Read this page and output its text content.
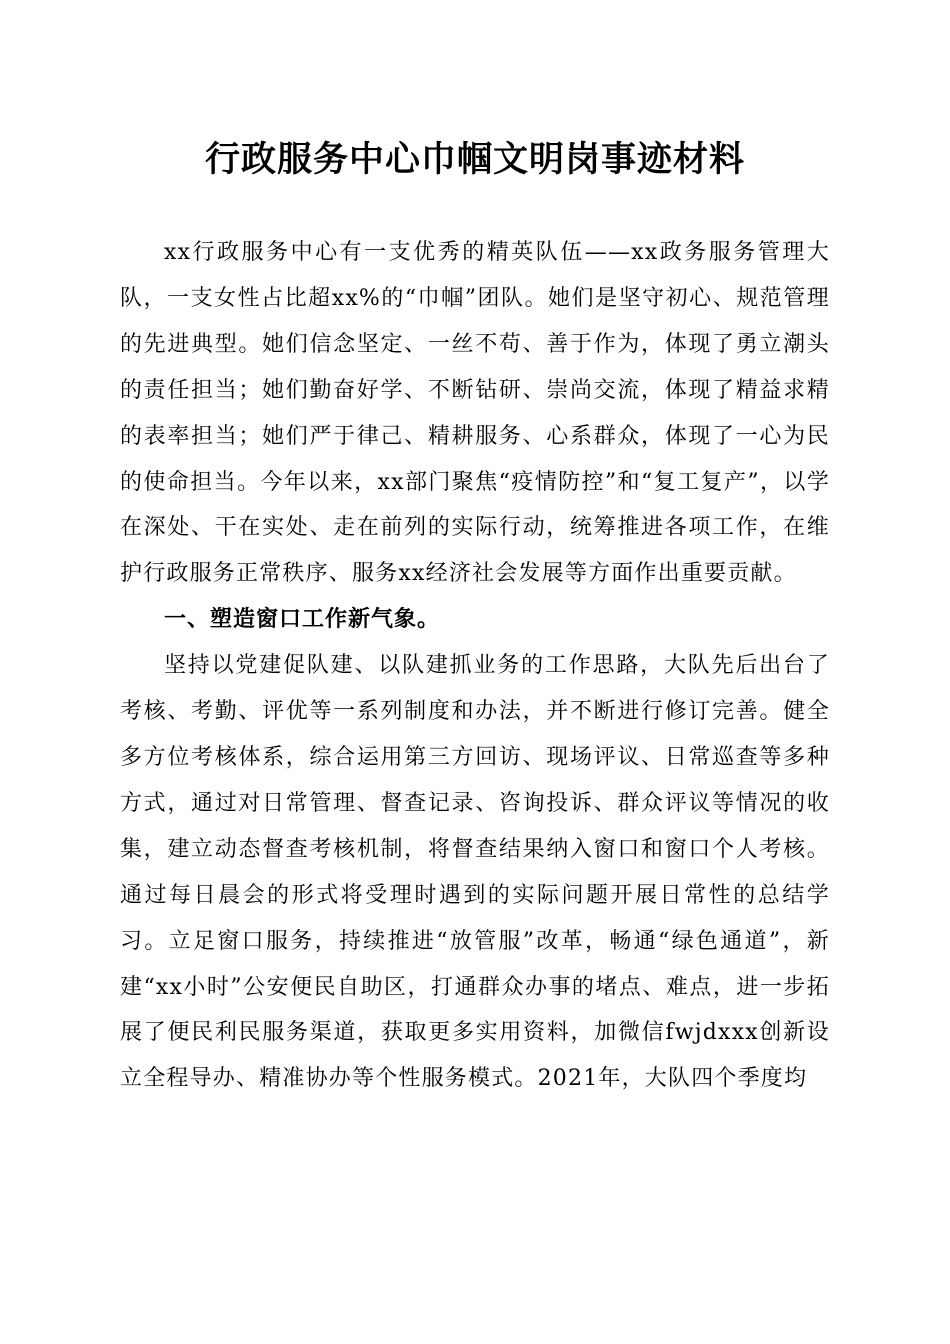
行政服务中心巾帼文明岗事迹材料

xx行政服务中心有一支优秀的精英队伍——xx政务服务管理大队，一支女性占比超xx%的“巾帼”团队。她们是坚守初心、规范管理的先进典型。她们信念坚定、一丝不苟、善于作为，体现了勇立潮头的责任担当；她们勤奋好学、不断钻研、崇尚交流，体现了精益求精的表率担当；她们严于律己、精耕服务、心系群众，体现了一心为民的使命担当。今年以来，xx部门聚焦“疫情防控”和“复工复产”，以学在深处、干在实处、走在前列的实际行动，统筹推进各项工作，在维护行政服务正常秩序、服务xx经济社会发展等方面作出重要贡献。

一、塑造窗口工作新气象。

坚持以党建促队建、以队建抓业务的工作思路，大队先后出台了考核、考勤、评优等一系列制度和办法，并不断进行修订完善。健全多方位考核体系，综合运用第三方回访、现场评议、日常巡查等多种方式，通过对日常管理、督查记录、咨询投诉、群众评议等情况的收集，建立动态督查考核机制，将督查结果纳入窗口和窗口个人考核。通过每日晨会的形式将受理时遇到的实际问题开展日常性的总结学习。立足窗口服务，持续推进“放管服”改革，畅通“绿色通道”，新建“xx小时”公安便民自助区，打通群众办事的堵点、难点，进一步拓展了便民利民服务渠道，获取更多实用资料，加微信fwjdxxx创新设立全程导办、精准协办等个性服务模式。2021年，大队四个季度均
